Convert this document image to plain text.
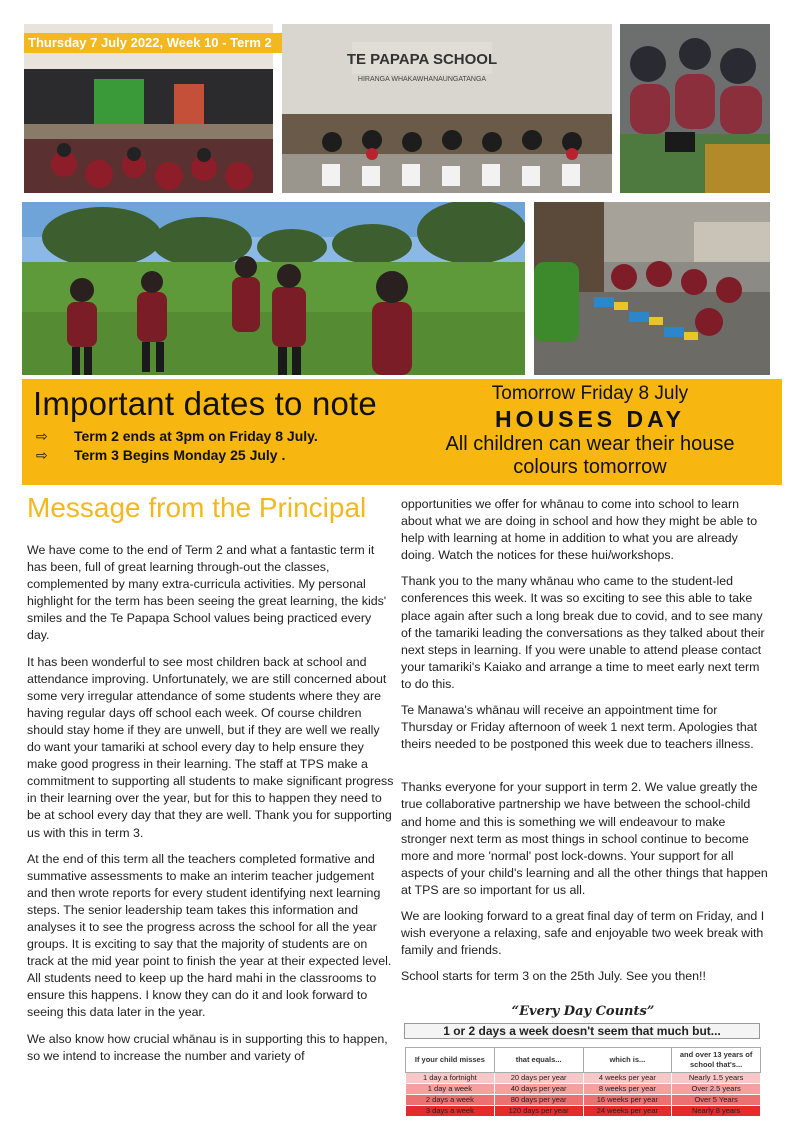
Thursday 7 July 2022, Week 10 - Term 2
TE PAPAPA SCHOOL
HIRANGA WHAKAWHANAUNGATANGA
Important dates to note
⇨ Term 2 ends at 3pm on Friday 8 July.
⇨ Term 3 Begins Monday 25 July .
Tomorrow Friday 8 July
HOUSES DAY
All children can wear their house
colours tomorrow
Message from the Principal

We have come to the end of Term 2 and what a fantastic term it has been, full of great learning through-out the classes, complemented by many extra-curricula activities. My personal highlight for the term has been seeing the great learning, the kids' smiles and the Te Papapa School values being practiced every day.

It has been wonderful to see most children back at school and attendance improving. Unfortunately, we are still concerned about some very irregular attendance of some students where they are having regular days off school each week. Of course children should stay home if they are unwell, but if they are well we really do want your tamariki at school every day to help ensure they make good progress in their learning. The staff at TPS make a commitment to supporting all students to make significant progress in their learning over the year, but for this to happen they need to be at school every day that they are well. Thank you for supporting us with this in term 3.

At the end of this term all the teachers completed formative and summative assessments to make an interim teacher judgement and then wrote reports for every student identifying next learning steps. The senior leadership team takes this information and analyses it to see the progress across the school for all the year groups. It is exciting to say that the majority of students are on track at the mid year point to finish the year at their expected level. All students need to keep up the hard mahi in the classrooms to ensure this happens. I know they can do it and look forward to seeing this data later in the year.

We also know how crucial whānau is in supporting this to happen, so we intend to increase the number and variety of

opportunities we offer for whānau to come into school to learn about what we are doing in school and how they might be able to help with learning at home in addition to what you are already doing. Watch the notices for these hui/workshops.

Thank you to the many whānau who came to the student-led conferences this week. It was so exciting to see this able to take place again after such a long break due to covid, and to see many of the tamariki leading the conversations as they talked about their next steps in learning. If you were unable to attend please contact your tamariki's Kaiako and arrange a time to meet early next term to do this.

Te Manawa's whānau will receive an appointment time for Thursday or Friday afternoon of week 1 next term. Apologies that theirs needed to be postponed this week due to teachers illness.

Thanks everyone for your support in term 2. We value greatly the true collaborative partnership we have between the school-child and home and this is something we will endeavour to make stronger next term as most things in school continue to become more and more 'normal' post lock-downs. Your support for all aspects of your child's learning and all the other things that happen at TPS are so important for us all.

We are looking forward to a great final day of term on Friday, and I wish everyone a relaxing, safe and enjoyable two week break with family and friends.

School starts for term 3 on the 25th July. See you then!!

“Every Day Counts”
1 or 2 days a week doesn't seem that much but...
If your child misses	that equals...	which is...	and over 13 years of school that's...
1 day a fortnight	20 days per year	4 weeks per year	Nearly 1.5 years
1 day a week	40 days per year	8 weeks per year	Over 2.5 years
2 days a week	80 days per year	16 weeks per year	Over 5 Years
3 days a week	120 days per year	24 weeks per year	Nearly 8 years
